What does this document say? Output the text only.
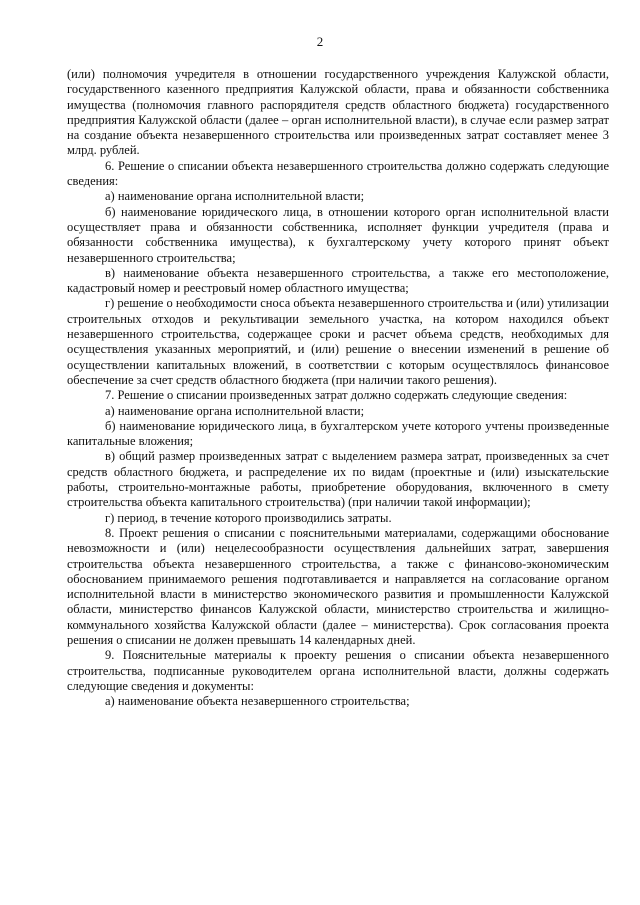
2

(или) полномочия учредителя в отношении государственного учреждения Калужской области, государственного казенного предприятия Калужской области, права и обязанности собственника имущества (полномочия главного распорядителя средств областного бюджета) государственного предприятия Калужской области (далее – орган исполнительной власти), в случае если размер затрат на создание объекта незавершенного строительства или произведенных затрат составляет менее 3 млрд. рублей.

6. Решение о списании объекта незавершенного строительства должно содержать следующие сведения:

а) наименование органа исполнительной власти;

б) наименование юридического лица, в отношении которого орган исполнительной власти осуществляет права и обязанности собственника, исполняет функции учредителя (права и обязанности собственника имущества), к бухгалтерскому учету которого принят объект незавершенного строительства;

в) наименование объекта незавершенного строительства, а также его местоположение, кадастровый номер и реестровый номер областного имущества;

г) решение о необходимости сноса объекта незавершенного строительства и (или) утилизации строительных отходов и рекультивации земельного участка, на котором находился объект незавершенного строительства, содержащее сроки и расчет объема средств, необходимых для осуществления указанных мероприятий, и (или) решение о внесении изменений в решение об осуществлении капитальных вложений, в соответствии с которым осуществлялось финансовое обеспечение за счет средств областного бюджета (при наличии такого решения).

7. Решение о списании произведенных затрат должно содержать следующие сведения:

а) наименование органа исполнительной власти;

б) наименование юридического лица, в бухгалтерском учете которого учтены произведенные капитальные вложения;

в) общий размер произведенных затрат с выделением размера затрат, произведенных за счет средств областного бюджета, и распределение их по видам (проектные и (или) изыскательские работы, строительно-монтажные работы, приобретение оборудования, включенного в смету строительства объекта капитального строительства) (при наличии такой информации);

г) период, в течение которого производились затраты.

8. Проект решения о списании с пояснительными материалами, содержащими обоснование невозможности и (или) нецелесообразности осуществления дальнейших затрат, завершения строительства объекта незавершенного строительства, а также с финансово-экономическим обоснованием принимаемого решения подготавливается и направляется на согласование органом исполнительной власти в министерство экономического развития и промышленности Калужской области, министерство финансов Калужской области, министерство строительства и жилищно-коммунального хозяйства Калужской области (далее – министерства). Срок согласования проекта решения о списании не должен превышать 14 календарных дней.

9. Пояснительные материалы к проекту решения о списании объекта незавершенного строительства, подписанные руководителем органа исполнительной власти, должны содержать следующие сведения и документы:

а) наименование объекта незавершенного строительства;
